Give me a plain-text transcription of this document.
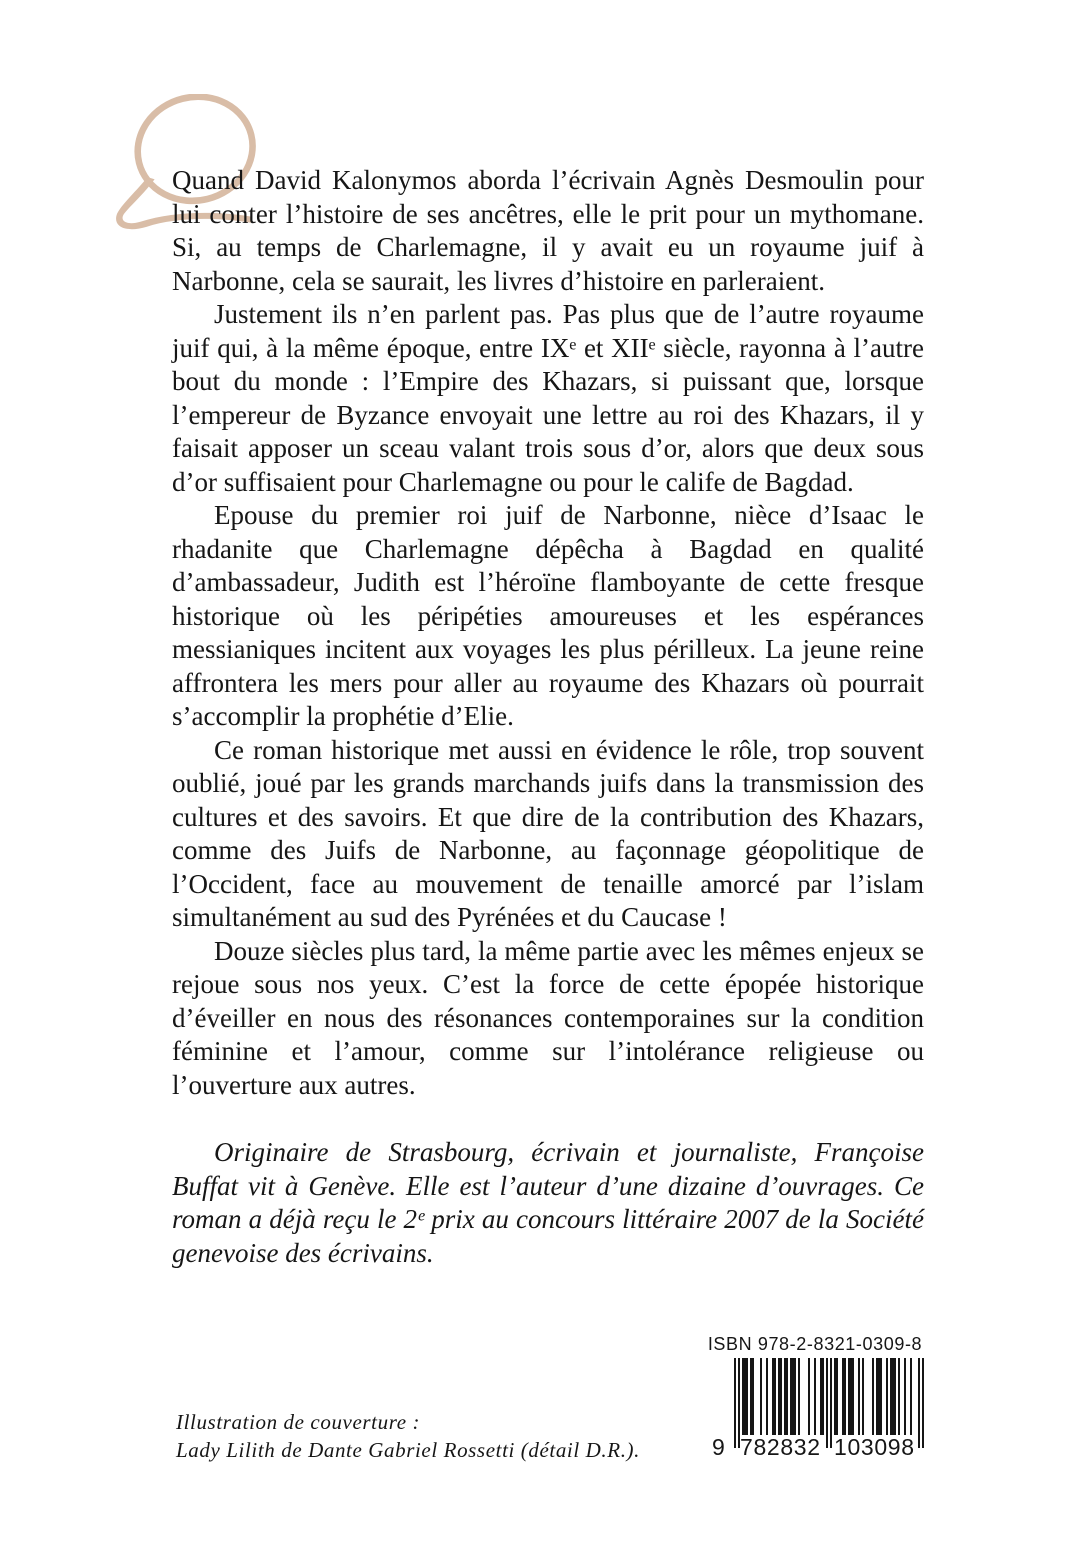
Quand David Kalonymos aborda l’écrivain Agnès Desmoulin pour lui conter l’histoire de ses ancêtres, elle le prit pour un mythomane. Si, au temps de Charlemagne, il y avait eu un royaume juif à Narbonne, cela se saurait, les livres d’histoire en parleraient.

Justement ils n’en parlent pas. Pas plus que de l’autre royaume juif qui, à la même époque, entre IXᵉ et XIIᵉ siècle, rayonna à l’autre bout du monde : l’Empire des Khazars, si puissant que, lorsque l’empereur de Byzance envoyait une lettre au roi des Khazars, il y faisait apposer un sceau valant trois sous d’or, alors que deux sous d’or suffisaient pour Charlemagne ou pour le calife de Bagdad.

Epouse du premier roi juif de Narbonne, nièce d’Isaac le rhadanite que Charlemagne dépêcha à Bagdad en qualité d’ambassadeur, Judith est l’héroïne flamboyante de cette fresque historique où les péripéties amoureuses et les espérances messianiques incitent aux voyages les plus périlleux. La jeune reine affrontera les mers pour aller au royaume des Khazars où pourrait s’accomplir la prophétie d’Elie.

Ce roman historique met aussi en évidence le rôle, trop souvent oublié, joué par les grands marchands juifs dans la transmission des cultures et des savoirs. Et que dire de la contribution des Khazars, comme des Juifs de Narbonne, au façonnage géopolitique de l’Occident, face au mouvement de tenaille amorcé par l’islam simultanément au sud des Pyrénées et du Caucase !

Douze siècles plus tard, la même partie avec les mêmes enjeux se rejoue sous nos yeux. C’est la force de cette épopée historique d’éveiller en nous des résonances contemporaines sur la condition féminine et l’amour, comme sur l’intolérance religieuse ou l’ouverture aux autres.

Originaire de Strasbourg, écrivain et journaliste, Françoise Buffat vit à Genève. Elle est l’auteur d’une dizaine d’ouvrages. Ce roman a déjà reçu le 2ᵉ prix au concours littéraire 2007 de la Société genevoise des écrivains.

ISBN 978-2-8321-0309-8
9 782832 103098
Illustration de couverture :
Lady Lilith de Dante Gabriel Rossetti (détail D.R.).
